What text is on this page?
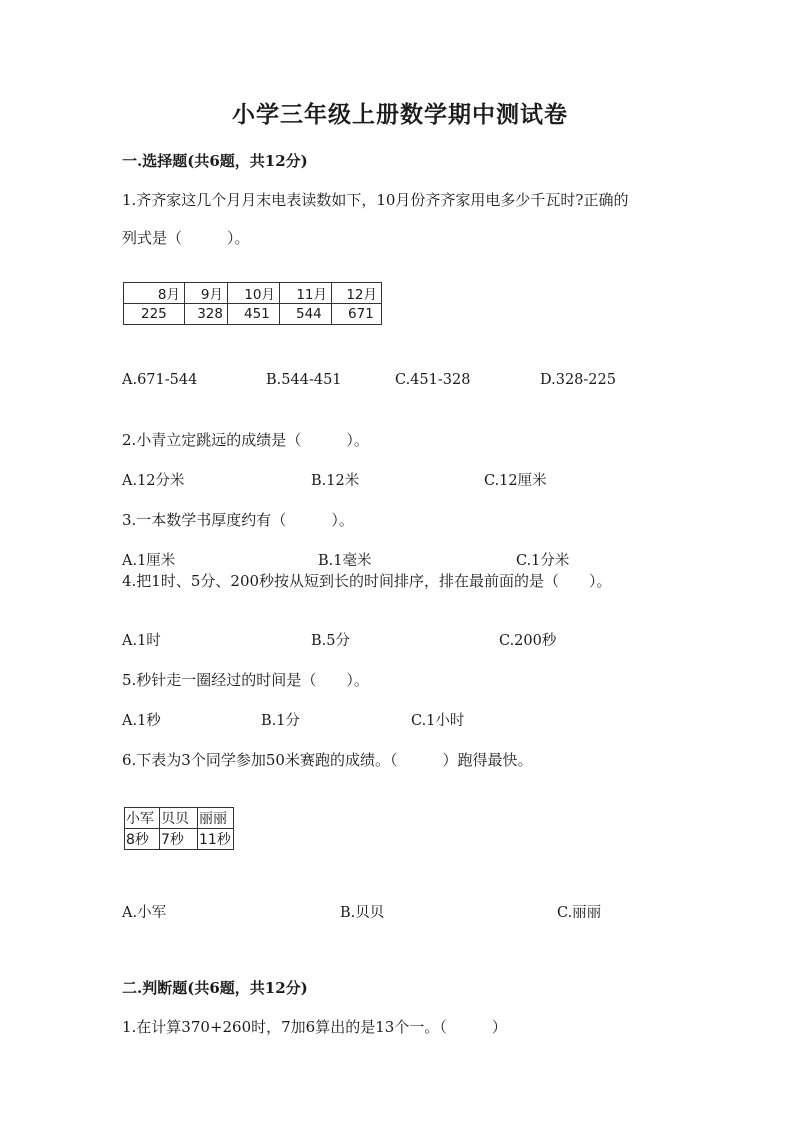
小学三年级上册数学期中测试卷
一.选择题(共6题，共12分)
1.齐齐家这几个月月末电表读数如下，10月份齐齐家用电多少千瓦时?正确的
列式是（　　　）。
8月	9月	10月	11月	12月
225	328	451	544	671
A.671-544	B.544-451	C.451-328	D.328-225
2.小青立定跳远的成绩是（　　　）。
A.12分米	B.12米	C.12厘米
3.一本数学书厚度约有（　　　）。
A.1厘米	B.1毫米	C.1分米
4.把1时、5分、200秒按从短到长的时间排序，排在最前面的是（　　）。
A.1时	B.5分	C.200秒
5.秒针走一圈经过的时间是（　　）。
A.1秒	B.1分	C.1小时
6.下表为3个同学参加50米赛跑的成绩。（　　　）跑得最快。
小军	贝贝	丽丽
8秒	7秒	11秒
A.小军	B.贝贝	C.丽丽
二.判断题(共6题，共12分)
1.在计算370+260时，7加6算出的是13个一。（　　　）
